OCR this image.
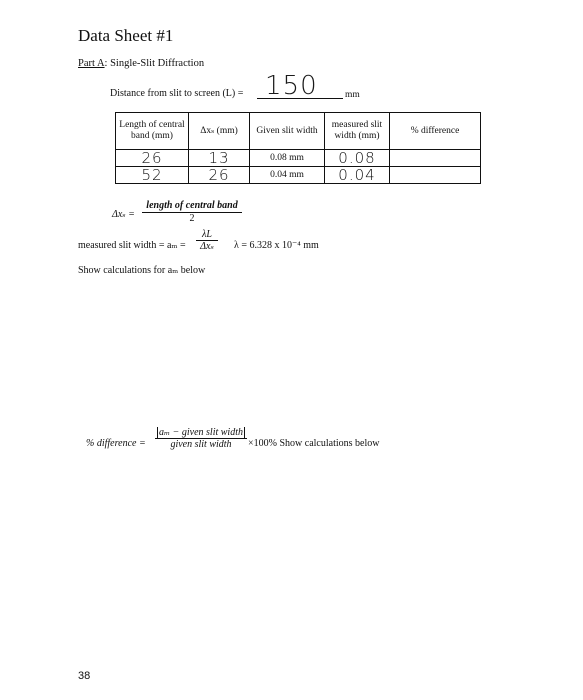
Data Sheet #1
Part A: Single-Slit Diffraction
Distance from slit to screen (L) = 150	mm
Length of central band (mm)	Δxₛ (mm)	Given slit width	measured slit width (mm)	% difference
26	13	0.08 mm	0.08	
52	26	0.04 mm	0.04	
Δxₛ =
length of central band
2
measured slit width = aₘ =
λL
Δxₛ	λ = 6.328 x 10⁻⁴ mm
Show calculations for aₘ below
% difference =
aₘ − given slit width
given slit width	×100% Show calculations below
38
